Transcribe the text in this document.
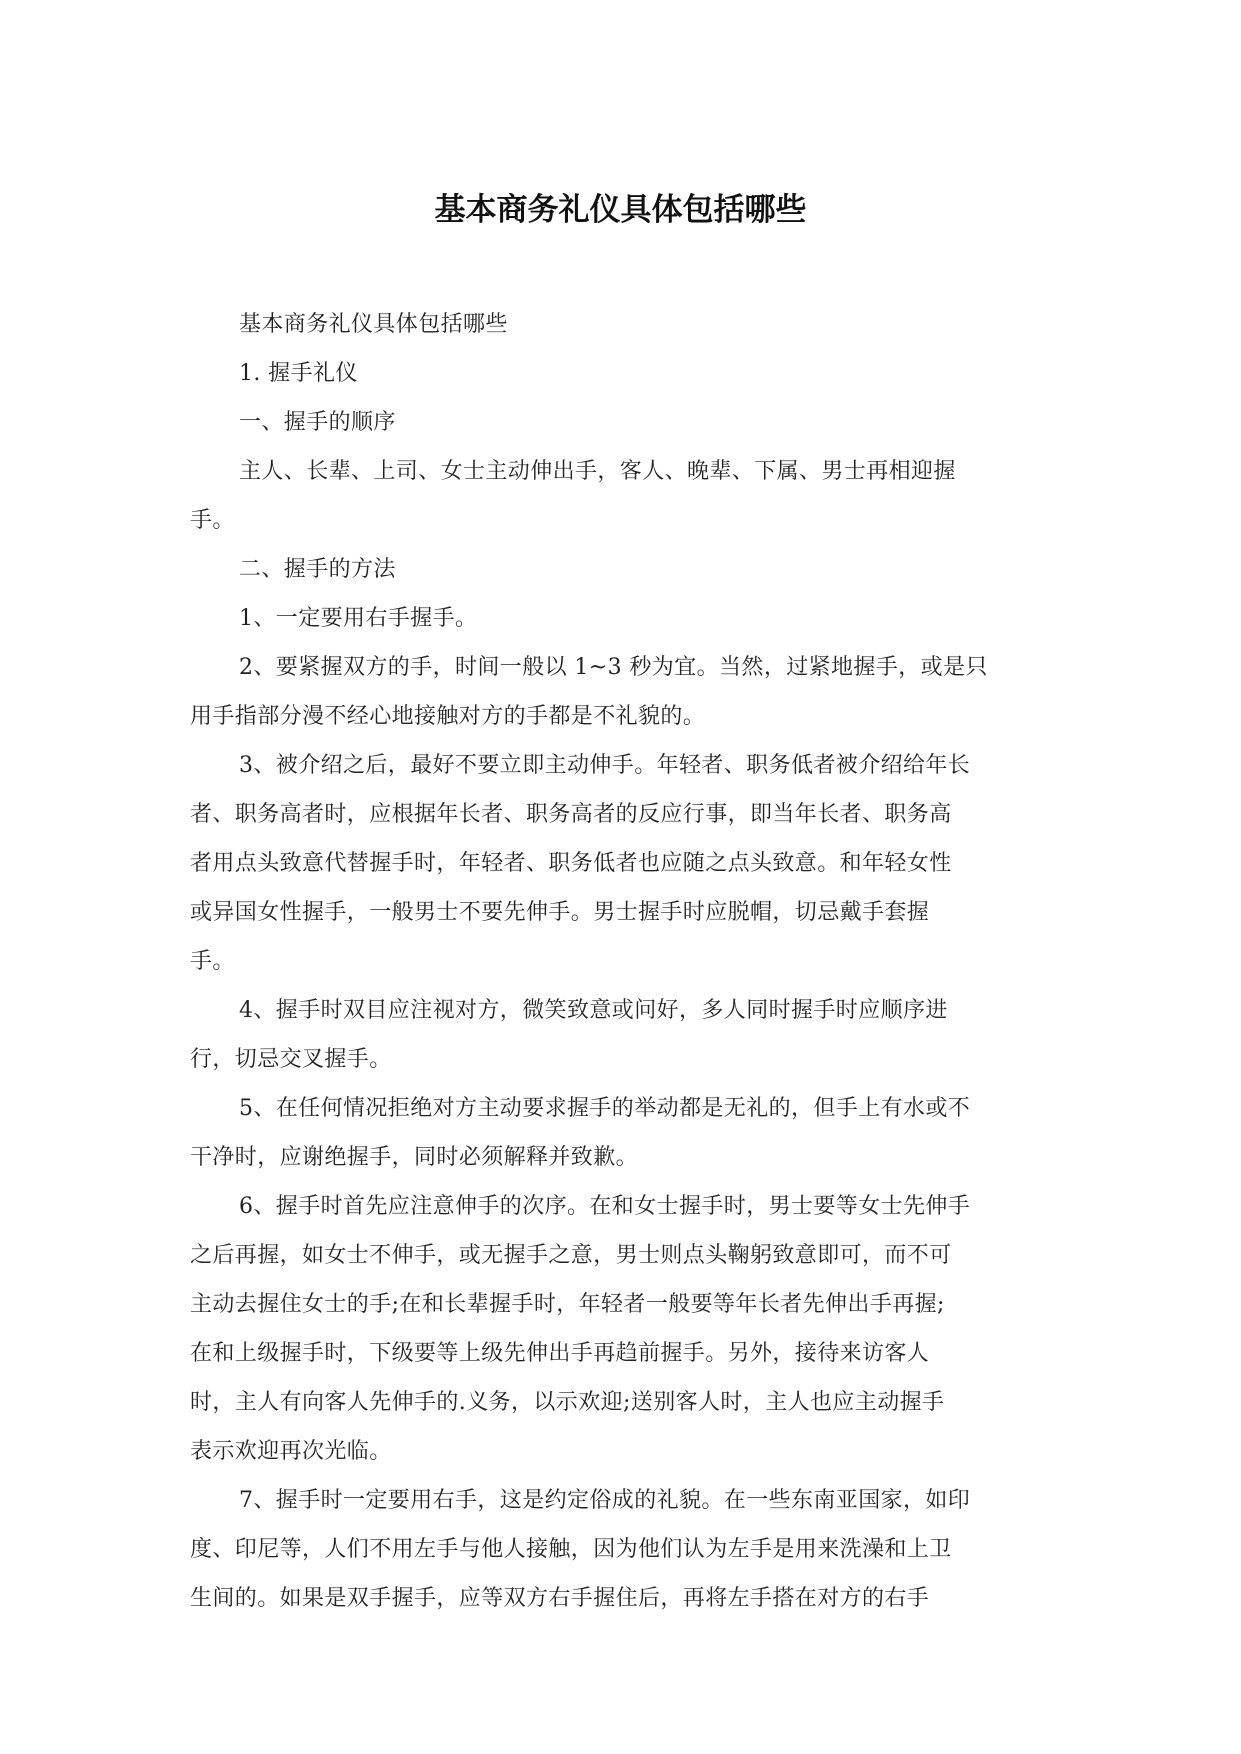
基本商务礼仪具体包括哪些

基本商务礼仪具体包括哪些

1. 握手礼仪

一、握手的顺序

主人、长辈、上司、女士主动伸出手，客人、晚辈、下属、男士再相迎握
手。

二、握手的方法

1、一定要用右手握手。

2、要紧握双方的手，时间一般以 1~3 秒为宜。当然，过紧地握手，或是只
用手指部分漫不经心地接触对方的手都是不礼貌的。

3、被介绍之后，最好不要立即主动伸手。年轻者、职务低者被介绍给年长
者、职务高者时，应根据年长者、职务高者的反应行事，即当年长者、职务高
者用点头致意代替握手时，年轻者、职务低者也应随之点头致意。和年轻女性
或异国女性握手，一般男士不要先伸手。男士握手时应脱帽，切忌戴手套握
手。

4、握手时双目应注视对方，微笑致意或问好，多人同时握手时应顺序进
行，切忌交叉握手。

5、在任何情况拒绝对方主动要求握手的举动都是无礼的，但手上有水或不
干净时，应谢绝握手，同时必须解释并致歉。

6、握手时首先应注意伸手的次序。在和女士握手时，男士要等女士先伸手
之后再握，如女士不伸手，或无握手之意，男士则点头鞠躬致意即可，而不可
主动去握住女士的手;在和长辈握手时，年轻者一般要等年长者先伸出手再握;
在和上级握手时，下级要等上级先伸出手再趋前握手。另外，接待来访客人
时，主人有向客人先伸手的.义务，以示欢迎;送别客人时，主人也应主动握手
表示欢迎再次光临。

7、握手时一定要用右手，这是约定俗成的礼貌。在一些东南亚国家，如印
度、印尼等，人们不用左手与他人接触，因为他们认为左手是用来洗澡和上卫
生间的。如果是双手握手，应等双方右手握住后，再将左手搭在对方的右手
